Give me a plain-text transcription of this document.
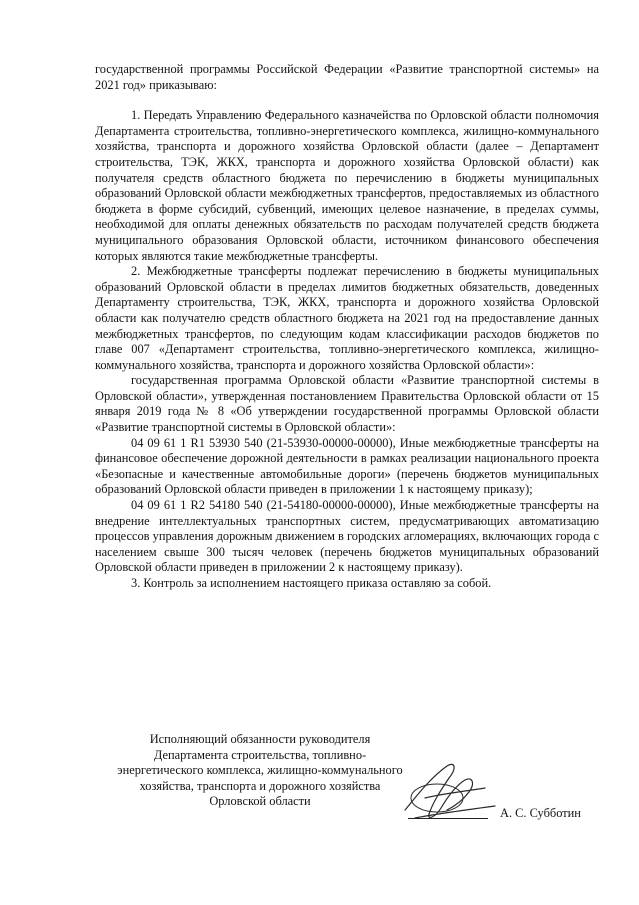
государственной программы Российской Федерации «Развитие транспортной системы» на 2021 год» приказываю:

1. Передать Управлению Федерального казначейства по Орловской области полномочия Департамента строительства, топливно-энергетического комплекса, жилищно-коммунального хозяйства, транспорта и дорожного хозяйства Орловской области (далее – Департамент строительства, ТЭК, ЖКХ, транспорта и дорожного хозяйства Орловской области) как получателя средств областного бюджета по перечислению в бюджеты муниципальных образований Орловской области межбюджетных трансфертов, предоставляемых из областного бюджета в форме субсидий, субвенций, имеющих целевое назначение, в пределах суммы, необходимой для оплаты денежных обязательств по расходам получателей средств бюджета муниципального образования Орловской области, источником финансового обеспечения которых являются такие межбюджетные трансферты.

2. Межбюджетные трансферты подлежат перечислению в бюджеты муниципальных образований Орловской области в пределах лимитов бюджетных обязательств, доведенных Департаменту строительства, ТЭК, ЖКХ, транспорта и дорожного хозяйства Орловской области как получателю средств областного бюджета на 2021 год на предоставление данных межбюджетных трансфертов, по следующим кодам классификации расходов бюджетов по главе 007 «Департамент строительства, топливно-энергетического комплекса, жилищно-коммунального хозяйства, транспорта и дорожного хозяйства Орловской области»:

государственная программа Орловской области «Развитие транспортной системы в Орловской области», утвержденная постановлением Правительства Орловской области от 15 января 2019 года № 8 «Об утверждении государственной программы Орловской области «Развитие транспортной системы в Орловской области»:

04 09 61 1 R1 53930 540 (21-53930-00000-00000), Иные межбюджетные трансферты на финансовое обеспечение дорожной деятельности в рамках реализации национального проекта «Безопасные и качественные автомобильные дороги» (перечень бюджетов муниципальных образований Орловской области приведен в приложении 1 к настоящему приказу);

04 09 61 1 R2 54180 540 (21-54180-00000-00000), Иные межбюджетные трансферты на внедрение интеллектуальных транспортных систем, предусматривающих автоматизацию процессов управления дорожным движением в городских агломерациях, включающих города с населением свыше 300 тысяч человек (перечень бюджетов муниципальных образований Орловской области приведен в приложении 2 к настоящему приказу).

3. Контроль за исполнением настоящего приказа оставляю за собой.

Исполняющий обязанности руководителя
Департамента строительства, топливно-
энергетического комплекса, жилищно-коммунального
хозяйства, транспорта и дорожного хозяйства
Орловской области
А. С. Субботин
